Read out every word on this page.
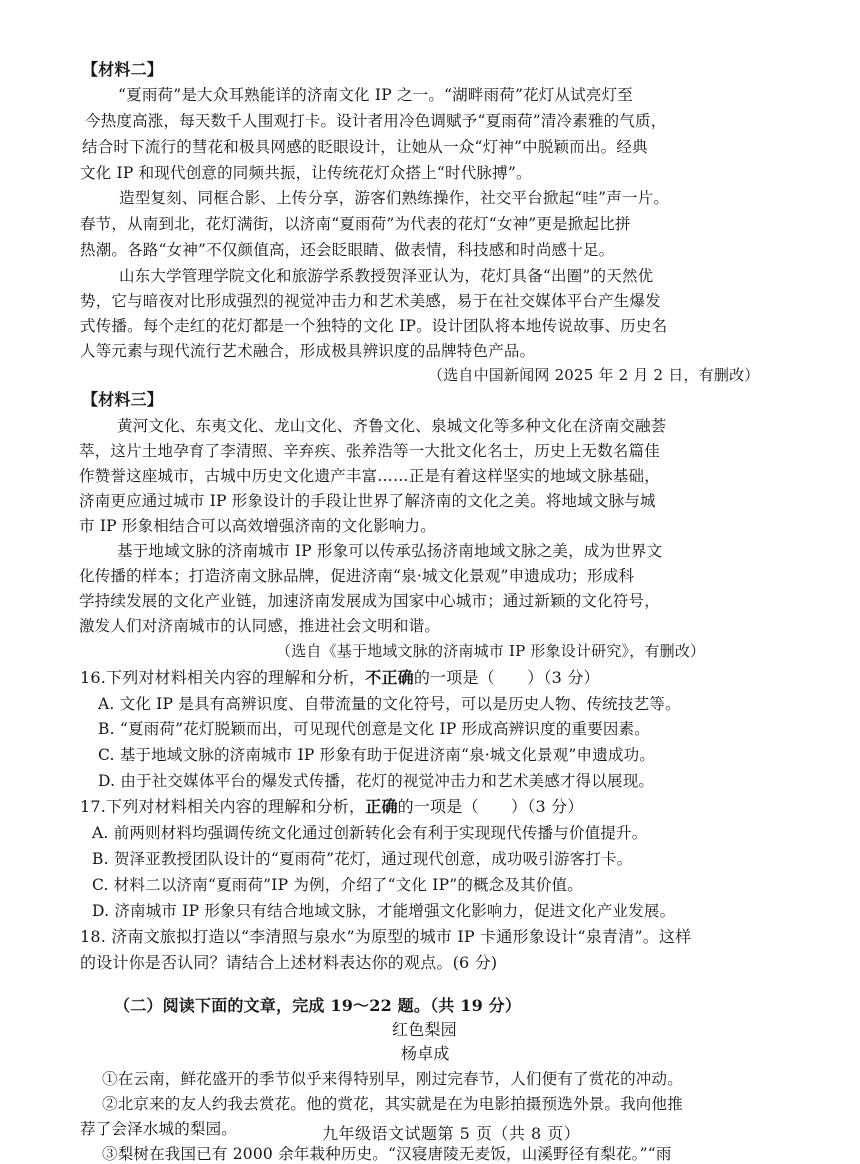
【材料二】
“夏雨荷”是大众耳熟能详的济南文化 IP 之一。“湖畔雨荷”花灯从试亮灯至
今热度高涨，每天数千人围观打卡。设计者用冷色调赋予“夏雨荷”清冷素雅的气质，
结合时下流行的彗花和极具网感的眨眼设计，让她从一众“灯神”中脱颖而出。经典
文化 IP 和现代创意的同频共振，让传统花灯众搭上“时代脉搏”。
造型复刻、同框合影、上传分享，游客们熟练操作，社交平台掀起“哇”声一片。
春节，从南到北，花灯满街，以济南“夏雨荷”为代表的花灯“女神”更是掀起比拼
热潮。各路“女神”不仅颜值高，还会眨眼睛、做表情，科技感和时尚感十足。
山东大学管理学院文化和旅游学系教授贺泽亚认为，花灯具备“出圈”的天然优
势，它与暗夜对比形成强烈的视觉冲击力和艺术美感，易于在社交媒体平台产生爆发
式传播。每个走红的花灯都是一个独特的文化 IP。设计团队将本地传说故事、历史名
人等元素与现代流行艺术融合，形成极具辨识度的品牌特色产品。
（选自中国新闻网 2025 年 2 月 2 日，有删改）
【材料三】
黄河文化、东夷文化、龙山文化、齐鲁文化、泉城文化等多种文化在济南交融荟
萃，这片土地孕育了李清照、辛弃疾、张养浩等一大批文化名士，历史上无数名篇佳
作赞誉这座城市，古城中历史文化遗产丰富……正是有着这样坚实的地域文脉基础，
济南更应通过城市 IP 形象设计的手段让世界了解济南的文化之美。将地域文脉与城
市 IP 形象相结合可以高效增强济南的文化影响力。
基于地域文脉的济南城市 IP 形象可以传承弘扬济南地域文脉之美，成为世界文
化传播的样本；打造济南文脉品牌，促进济南“泉·城文化景观”申遗成功；形成科
学持续发展的文化产业链，加速济南发展成为国家中心城市；通过新颖的文化符号，
激发人们对济南城市的认同感，推进社会文明和谐。
（选自《基于地域文脉的济南城市 IP 形象设计研究》，有删改）
16.下列对材料相关内容的理解和分析，不正确的一项是（　　）（3 分）
A. 文化 IP 是具有高辨识度、自带流量的文化符号，可以是历史人物、传统技艺等。
B. “夏雨荷”花灯脱颖而出，可见现代创意是文化 IP 形成高辨识度的重要因素。
C. 基于地域文脉的济南城市 IP 形象有助于促进济南“泉·城文化景观”申遗成功。
D. 由于社交媒体平台的爆发式传播，花灯的视觉冲击力和艺术美感才得以展现。
17.下列对材料相关内容的理解和分析，正确的一项是（　　）（3 分）
A. 前两则材料均强调传统文化通过创新转化会有利于实现现代传播与价值提升。
B. 贺泽亚教授团队设计的“夏雨荷”花灯，通过现代创意，成功吸引游客打卡。
C. 材料二以济南“夏雨荷”IP 为例，介绍了“文化 IP”的概念及其价值。
D. 济南城市 IP 形象只有结合地域文脉，才能增强文化影响力，促进文化产业发展。
18. 济南文旅拟打造以“李清照与泉水”为原型的城市 IP 卡通形象设计“泉青清”。这样
的设计你是否认同？请结合上述材料表达你的观点。(6 分)
（二）阅读下面的文章，完成 19～22 题。（共 19 分）
红色梨园
杨卓成
①在云南，鲜花盛开的季节似乎来得特别早，刚过完春节，人们便有了赏花的冲动。
②北京来的友人约我去赏花。他的赏花，其实就是在为电影拍摄预选外景。我向他推
荐了会泽水城的梨园。
③梨树在我国已有 2000 余年栽种历史。“汉寝唐陵无麦饭，山溪野径有梨花。”“雨
九年级语文试题第 5 页（共 8 页）
